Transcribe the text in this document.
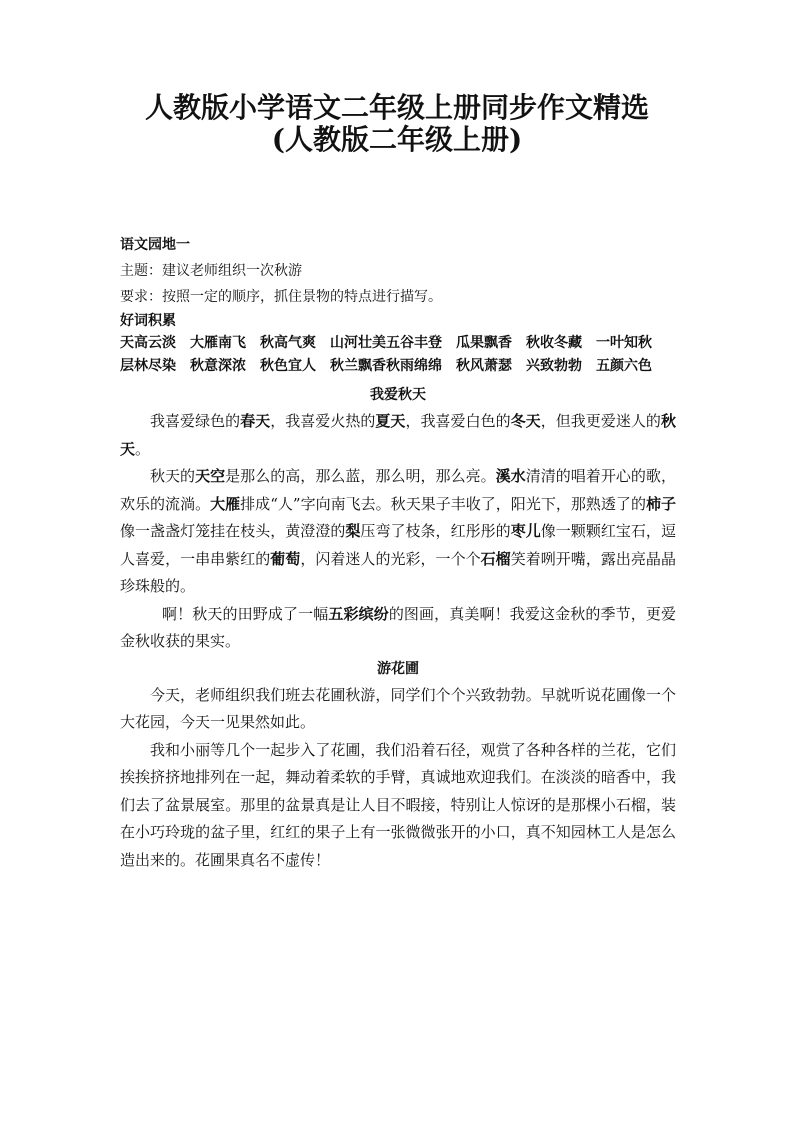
人教版小学语文二年级上册同步作文精选
(人教版二年级上册)
语文园地一
主题：建议老师组织一次秋游
要求：按照一定的顺序，抓住景物的特点进行描写。
好词积累
天高云淡　大雁南飞　秋高气爽　山河壮美五谷丰登　瓜果飘香　秋收冬藏　一叶知秋
层林尽染　秋意深浓　秋色宜人　秋兰飘香秋雨绵绵　秋风萧瑟　兴致勃勃　五颜六色
我爱秋天

我喜爱绿色的春天，我喜爱火热的夏天，我喜爱白色的冬天，但我更爱迷人的秋天。

秋天的天空是那么的高，那么蓝，那么明，那么亮。溪水清清的唱着开心的歌，欢乐的流淌。大雁排成“人”字向南飞去。秋天果子丰收了，阳光下，那熟透了的柿子像一盏盏灯笼挂在枝头，黄澄澄的梨压弯了枝条，红彤彤的枣儿像一颗颗红宝石，逗人喜爱，一串串紫红的葡萄，闪着迷人的光彩，一个个石榴笑着咧开嘴，露出亮晶晶珍珠般的。

啊！秋天的田野成了一幅五彩缤纷的图画，真美啊！我爱这金秋的季节，更爱金秋收获的果实。

游花圃

今天，老师组织我们班去花圃秋游，同学们个个兴致勃勃。早就听说花圃像一个大花园，今天一见果然如此。

我和小丽等几个一起步入了花圃，我们沿着石径，观赏了各种各样的兰花，它们挨挨挤挤地排列在一起，舞动着柔软的手臂，真诚地欢迎我们。在淡淡的暗香中，我们去了盆景展室。那里的盆景真是让人目不暇接，特别让人惊讶的是那棵小石榴，装在小巧玲珑的盆子里，红红的果子上有一张微微张开的小口，真不知园林工人是怎么造出来的。花圃果真名不虚传！
